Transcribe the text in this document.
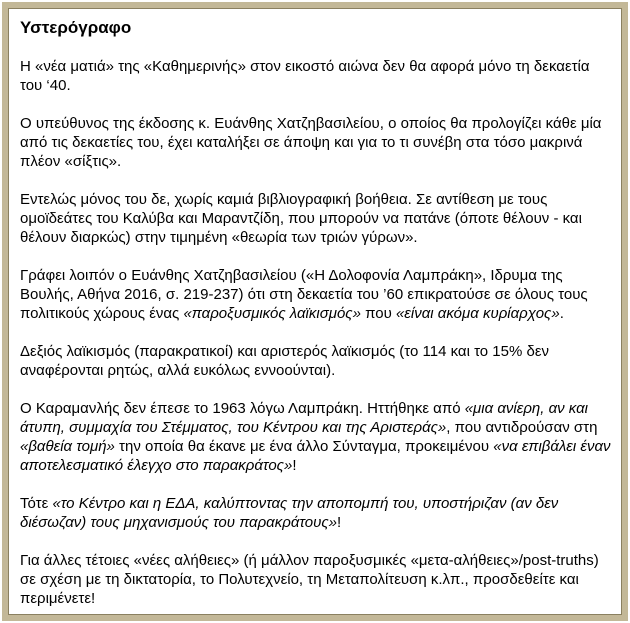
Υστερόγραφο

Η «νέα ματιά» της «Καθημερινής» στον εικοστό αιώνα δεν θα αφορά μόνο τη δεκαετία του ‘40.

Ο υπεύθυνος της έκδοσης κ. Ευάνθης Χατζηβασιλείου, ο οποίος θα προλογίζει κάθε μία από τις δεκαετίες του, έχει καταλήξει σε άποψη και για το τι συνέβη στα τόσο μακρινά πλέον «σίξτις».

Εντελώς μόνος του δε, χωρίς καμιά βιβλιογραφική βοήθεια. Σε αντίθεση με τους ομοϊδεάτες του Καλύβα και Μαραντζίδη, που μπορούν να πατάνε (όποτε θέλουν - και θέλουν διαρκώς) στην τιμημένη «θεωρία των τριών γύρων».

Γράφει λοιπόν ο Ευάνθης Χατζηβασιλείου («Η Δολοφονία Λαμπράκη», Ιδρυμα της Βουλής, Αθήνα 2016, σ. 219-237) ότι στη δεκαετία του ’60 επικρατούσε σε όλους τους πολιτικούς χώρους ένας «παροξυσμικός λαϊκισμός» που «είναι ακόμα κυρίαρχος».

Δεξιός λαϊκισμός (παρακρατικοί) και αριστερός λαϊκισμός (το 114 και το 15% δεν αναφέρονται ρητώς, αλλά ευκόλως εννοούνται).

Ο Καραμανλής δεν έπεσε το 1963 λόγω Λαμπράκη. Ηττήθηκε από «μια ανίερη, αν και άτυπη, συμμαχία του Στέμματος, του Κέντρου και της Αριστεράς», που αντιδρούσαν στη «βαθεία τομή» την οποία θα έκανε με ένα άλλο Σύνταγμα, προκειμένου «να επιβάλει έναν αποτελεσματικό έλεγχο στο παρακράτος»!

Τότε «το Κέντρο και η ΕΔΑ, καλύπτοντας την αποπομπή του, υποστήριζαν (αν δεν διέσωζαν) τους μηχανισμούς του παρακράτους»!

Για άλλες τέτοιες «νέες αλήθειες» (ή μάλλον παροξυσμικές «μετα-αλήθειες»/post-truths) σε σχέση με τη δικτατορία, το Πολυτεχνείο, τη Μεταπολίτευση κ.λπ., προσδεθείτε και περιμένετε!
